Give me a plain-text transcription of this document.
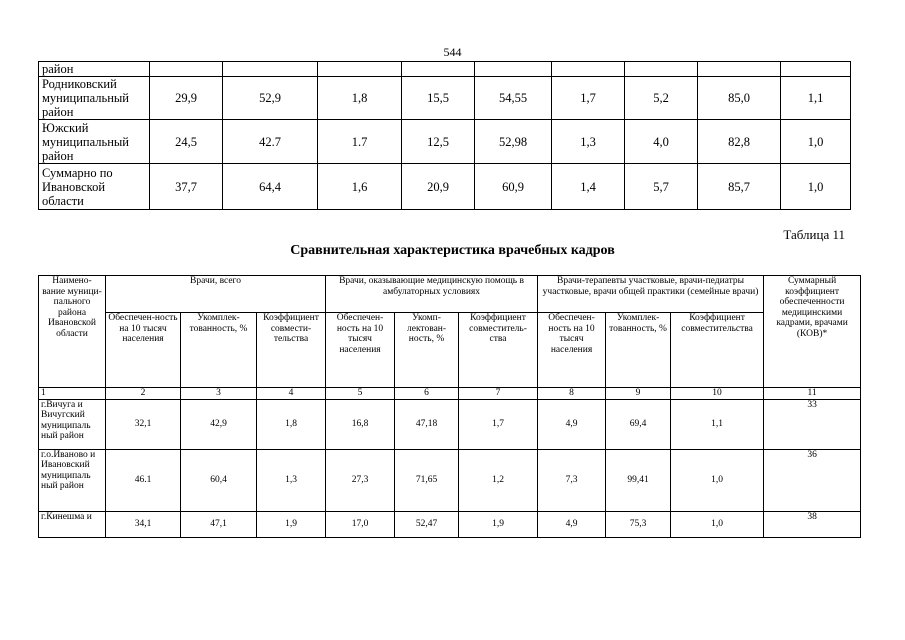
544
район									
Родниковский муниципальный район	29,9	52,9	1,8	15,5	54,55	1,7	5,2	85,0	1,1
Южский муниципальный район	24,5	42.7	1.7	12,5	52,98	1,3	4,0	82,8	1,0
Суммарно по Ивановской области	37,7	64,4	1,6	20,9	60,9	1,4	5,7	85,7	1,0
Таблица 11
Сравнительная характеристика врачебных кадров
Наимено-вание муници-пального района Ивановской области	Врачи, всего			Врачи, оказывающие медицинскую помощь в амбулаторных условиях			Врачи-терапевты участковые, врачи-педиатры участковые, врачи общей практики (семейные врачи)			Суммарный коэффициент обеспеченности медицинскими кадрами, врачами (КОВ)*
	Обеспечен-ность на 10 тысяч населения	Укомплек-тованность, %	Коэффициент совмести-тельства	Обеспечен-ность на 10 тысяч населения	Укомп-лектован-ность, %	Коэффициент совместитель-ства	Обеспечен-ность на 10 тысяч населения	Укомплек-тованность, %	Коэффициент совместительства	
1	2	3	4	5	6	7	8	9	10	11
г.Вичуга и Вичугский муниципаль ный район	32,1	42,9	1,8	16,8	47,18	1,7	4,9	69,4	1,1	33
г.о.Иваново и Ивановский муниципаль ный район	46.1	60,4	1,3	27,3	71,65	1,2	7,3	99,41	1,0	36
г.Кинешма и	34,1	47,1	1,9	17,0	52,47	1,9	4,9	75,3	1,0	38
